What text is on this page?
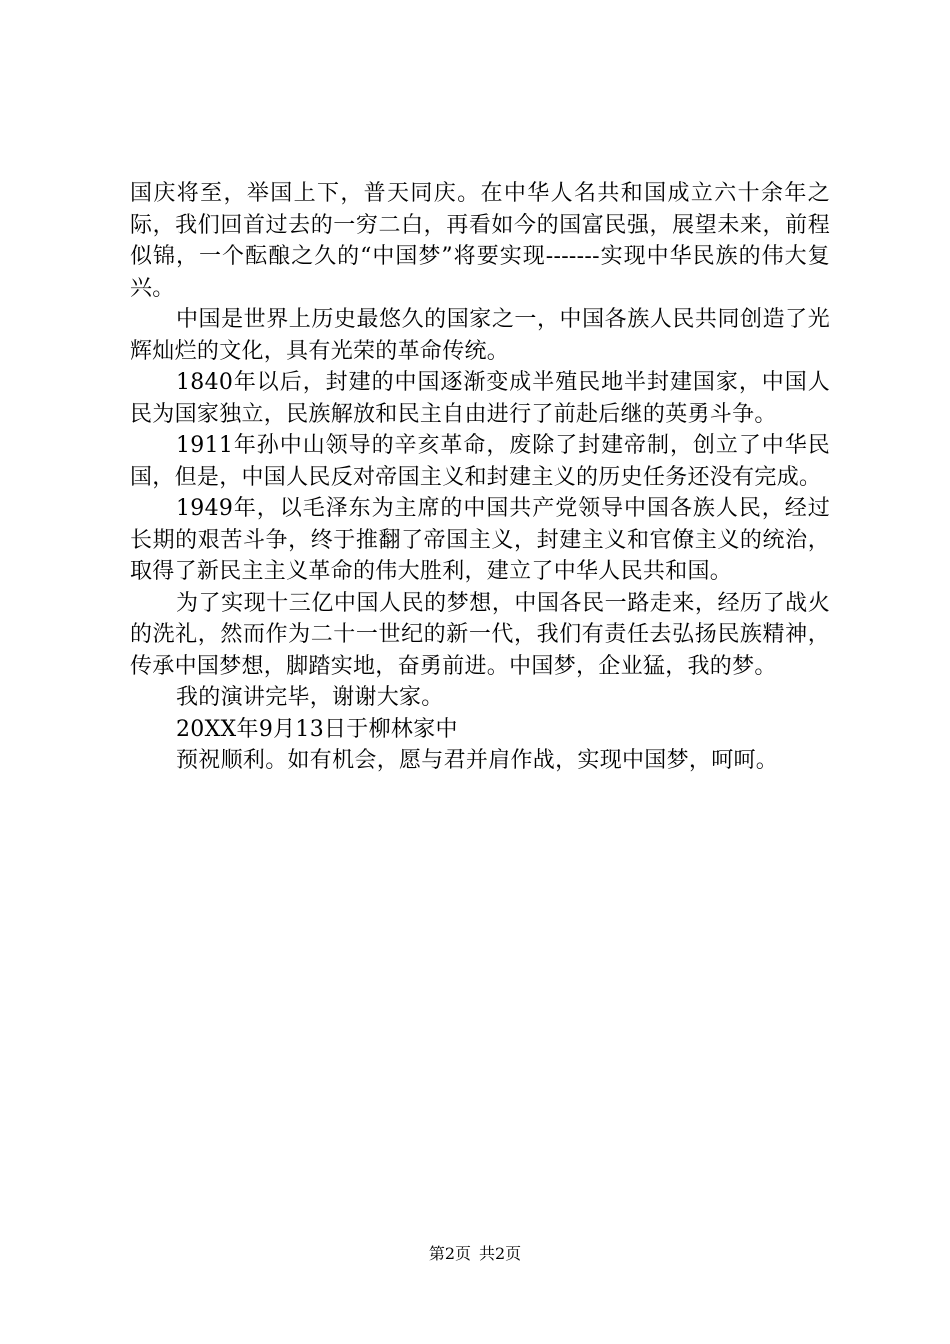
国庆将至，举国上下，普天同庆。在中华人名共和国成立六十余年之际，我们回首过去的一穷二白，再看如今的国富民强，展望未来，前程似锦，一个酝酿之久的“中国梦”将要实现-------实现中华民族的伟大复兴。

中国是世界上历史最悠久的国家之一，中国各族人民共同创造了光辉灿烂的文化，具有光荣的革命传统。

1840年以后，封建的中国逐渐变成半殖民地半封建国家，中国人民为国家独立，民族解放和民主自由进行了前赴后继的英勇斗争。

1911年孙中山领导的辛亥革命，废除了封建帝制，创立了中华民国，但是，中国人民反对帝国主义和封建主义的历史任务还没有完成。

1949年，以毛泽东为主席的中国共产党领导中国各族人民，经过长期的艰苦斗争，终于推翻了帝国主义，封建主义和官僚主义的统治，取得了新民主主义革命的伟大胜利，建立了中华人民共和国。

为了实现十三亿中国人民的梦想，中国各民一路走来，经历了战火的洗礼，然而作为二十一世纪的新一代，我们有责任去弘扬民族精神，传承中国梦想，脚踏实地，奋勇前进。中国梦，企业猛，我的梦。

我的演讲完毕，谢谢大家。

20XX年9月13日于柳林家中

预祝顺利。如有机会，愿与君并肩作战，实现中国梦，呵呵。

第2页 共2页
